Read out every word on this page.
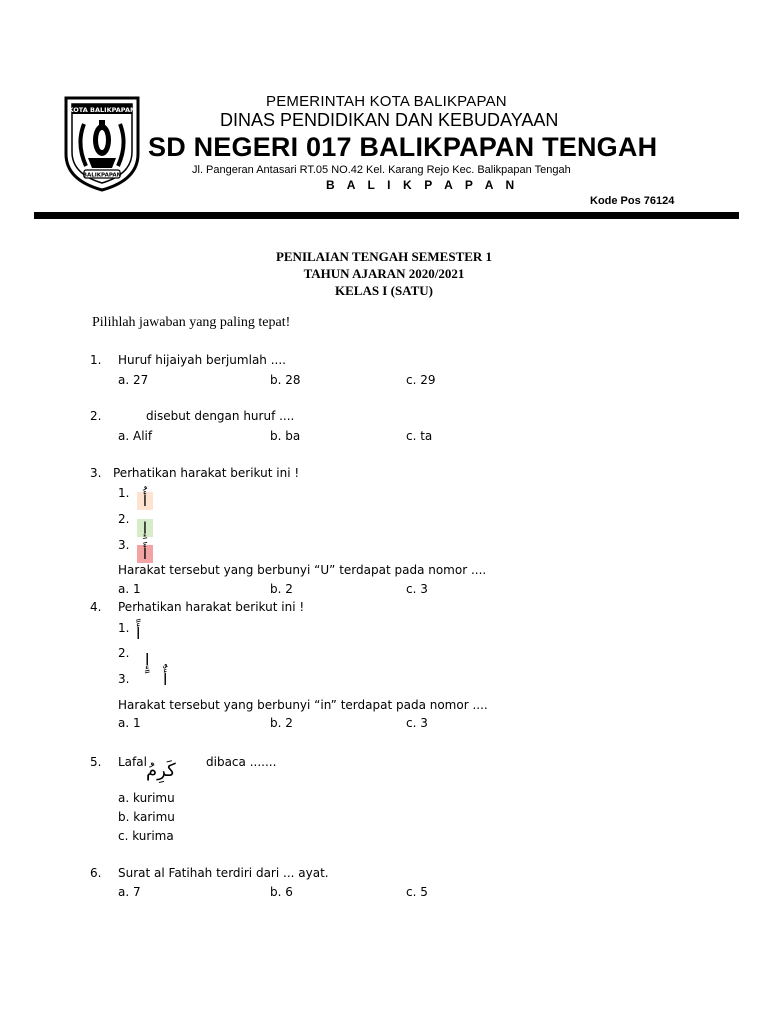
KOTA BALIKPAPAN
BALIKPAPAN
PEMERINTAH KOTA BALIKPAPAN
DINAS PENDIDIKAN DAN KEBUDAYAAN
SD NEGERI 017 BALIKPAPAN TENGAH
Jl. Pangeran Antasari RT.05 NO.42 Kel. Karang Rejo Kec. Balikpapan Tengah
B A L I K P A P A N
Kode Pos 76124
PENILAIAN TENGAH SEMESTER 1
TAHUN AJARAN 2020/2021
KELAS I (SATU)
Pilihlah jawaban yang paling tepat!
1. Huruf hijaiyah berjumlah ....
a. 27	b. 28	c. 29
2.	disebut dengan huruf ....
a. Alif	b. ba	c. ta
3. Perhatikan harakat berikut ini !
1. أُ
2. إِ
3. أَ
Harakat tersebut yang berbunyi “U” terdapat pada nomor ....
a. 1	b. 2	c. 3
4. Perhatikan harakat berikut ini !
1. أً
2. إٍ
3. أٌ
Harakat tersebut yang berbunyi “in” terdapat pada nomor ....
a. 1	b. 2	c. 3
5. Lafal كَرِمُ	dibaca .......
a. kurimu
b. karimu
c. kurima
6. Surat al Fatihah terdiri dari ... ayat.
a. 7	b. 6	c. 5
